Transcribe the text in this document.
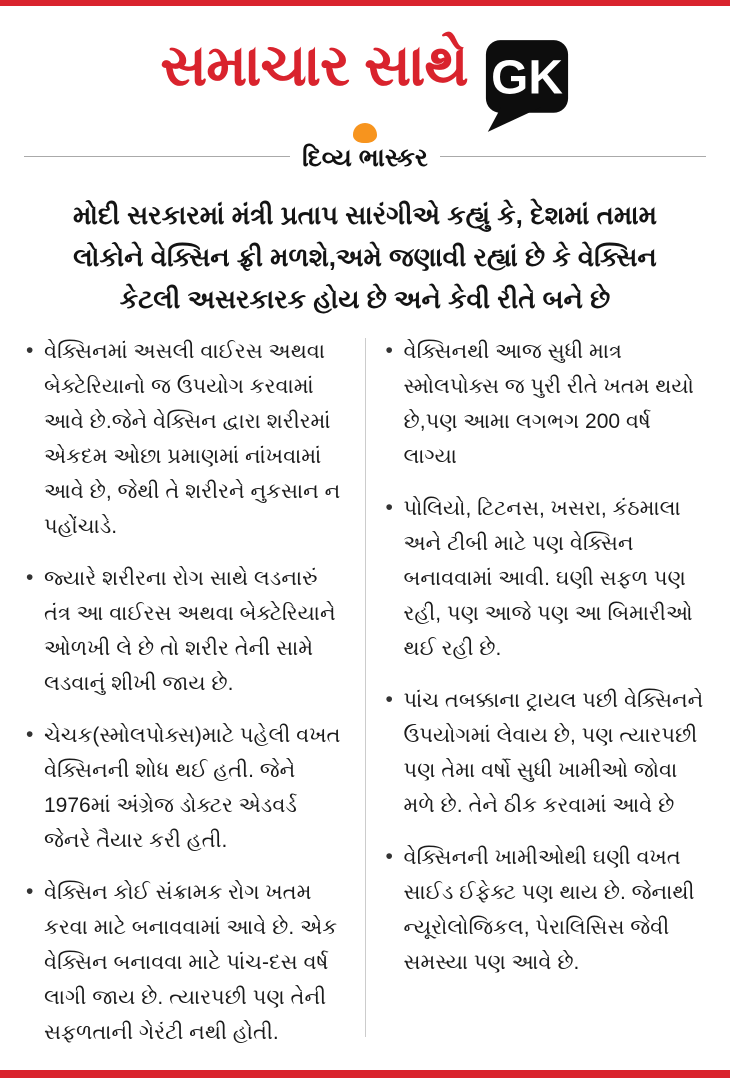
સમાચાર સાથે GK
દિવ્ય ભાસ્કર
મોદી સરકારમાં મંત્રી પ્રતાપ સારંગીએ કહ્યું કે, દેશમાં તમામ લોકોને વેક્સિન ફ્રી મળશે,અમે જણાવી રહ્યાં છે કે વેક્સિન કેટલી અસરકારક હોય છે અને કેવી રીતે બને છે
• વેક્સિનમાં અસલી વાઈરસ અથવા બેક્ટેરિયાનો જ ઉપયોગ કરવામાં આવે છે.જેને વેક્સિન દ્વારા શરીરમાં એકદમ ઓછા પ્રમાણમાં નાંખવામાં આવે છે, જેથી તે શરીરને નુકસાન ન પહોંચાડે.
• જ્યારે શરીરના રોગ સાથે લડનારું તંત્ર આ વાઈરસ અથવા બેક્ટેરિયાને ઓળખી લે છે તો શરીર તેની સામે લડવાનું શીખી જાય છે.
• ચેચક(સ્મોલપોક્સ)માટે પહેલી વખત વેક્સિનની શોધ થઈ હતી. જેને 1976માં અંગ્રેજ ડોક્ટર એડવર્ડ જેનરે તૈયાર કરી હતી.
• વેક્સિન કોઈ સંક્રામક રોગ ખતમ કરવા માટે બનાવવામાં આવે છે. એક વેક્સિન બનાવવા માટે પાંચ-દસ વર્ષ લાગી જાય છે. ત્યારપછી પણ તેની સફળતાની ગેરંટી નથી હોતી.
• વેક્સિનથી આજ સુધી માત્ર સ્મોલપોક્સ જ પુરી રીતે ખતમ થયો છે,પણ આમા લગભગ 200 વર્ષ લાગ્યા
• પોલિયો, ટિટનસ, ખસરા, કંઠમાલા અને ટીબી માટે પણ વેક્સિન બનાવવામાં આવી. ઘણી સફળ પણ રહી, પણ આજે પણ આ બિમારીઓ થઈ રહી છે.
• પાંચ તબક્કાના ટ્રાયલ પછી વેક્સિનને ઉપયોગમાં લેવાય છે, પણ ત્યારપછી પણ તેમા વર્ષો સુધી ખામીઓ જોવા મળે છે. તેને ઠીક કરવામાં આવે છે
• વેક્સિનની ખામીઓથી ઘણી વખત સાઈડ ઈફેક્ટ પણ થાય છે. જેનાથી ન્યૂરોલોજિકલ, પેરાલિસિસ જેવી સમસ્યા પણ આવે છે.
